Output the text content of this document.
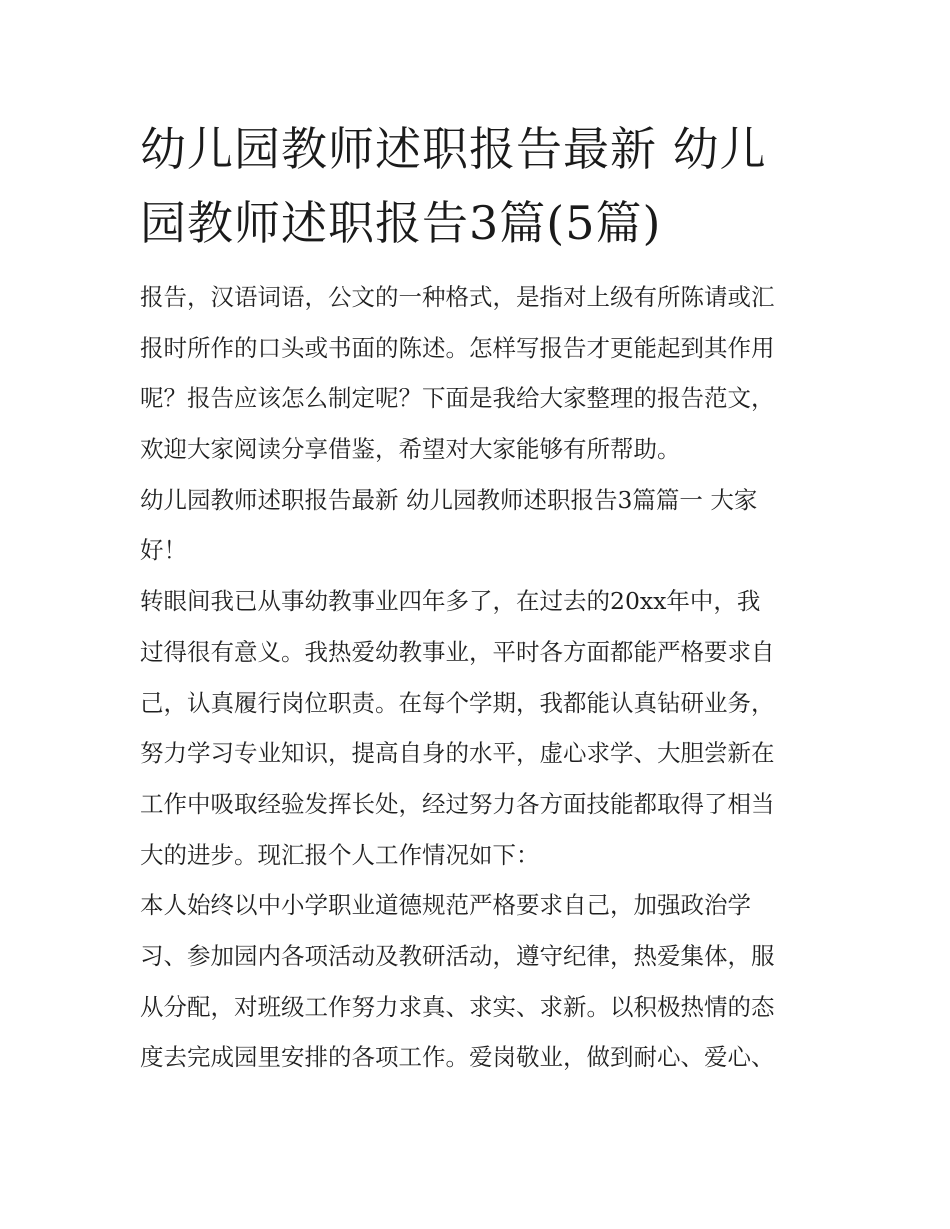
幼儿园教师述职报告最新 幼儿
园教师述职报告3篇(5篇)
报告，汉语词语，公文的一种格式，是指对上级有所陈请或汇
报时所作的口头或书面的陈述。怎样写报告才更能起到其作用
呢？报告应该怎么制定呢？下面是我给大家整理的报告范文，
欢迎大家阅读分享借鉴，希望对大家能够有所帮助。
幼儿园教师述职报告最新 幼儿园教师述职报告3篇篇一 大家
好！
转眼间我已从事幼教事业四年多了，在过去的20xx年中，我
过得很有意义。我热爱幼教事业，平时各方面都能严格要求自
己，认真履行岗位职责。在每个学期，我都能认真钻研业务，
努力学习专业知识，提高自身的水平，虚心求学、大胆尝新在
工作中吸取经验发挥长处，经过努力各方面技能都取得了相当
大的进步。现汇报个人工作情况如下：
本人始终以中小学职业道德规范严格要求自己，加强政治学
习、参加园内各项活动及教研活动，遵守纪律，热爱集体，服
从分配，对班级工作努力求真、求实、求新。以积极热情的态
度去完成园里安排的各项工作。爱岗敬业，做到耐心、爱心、
